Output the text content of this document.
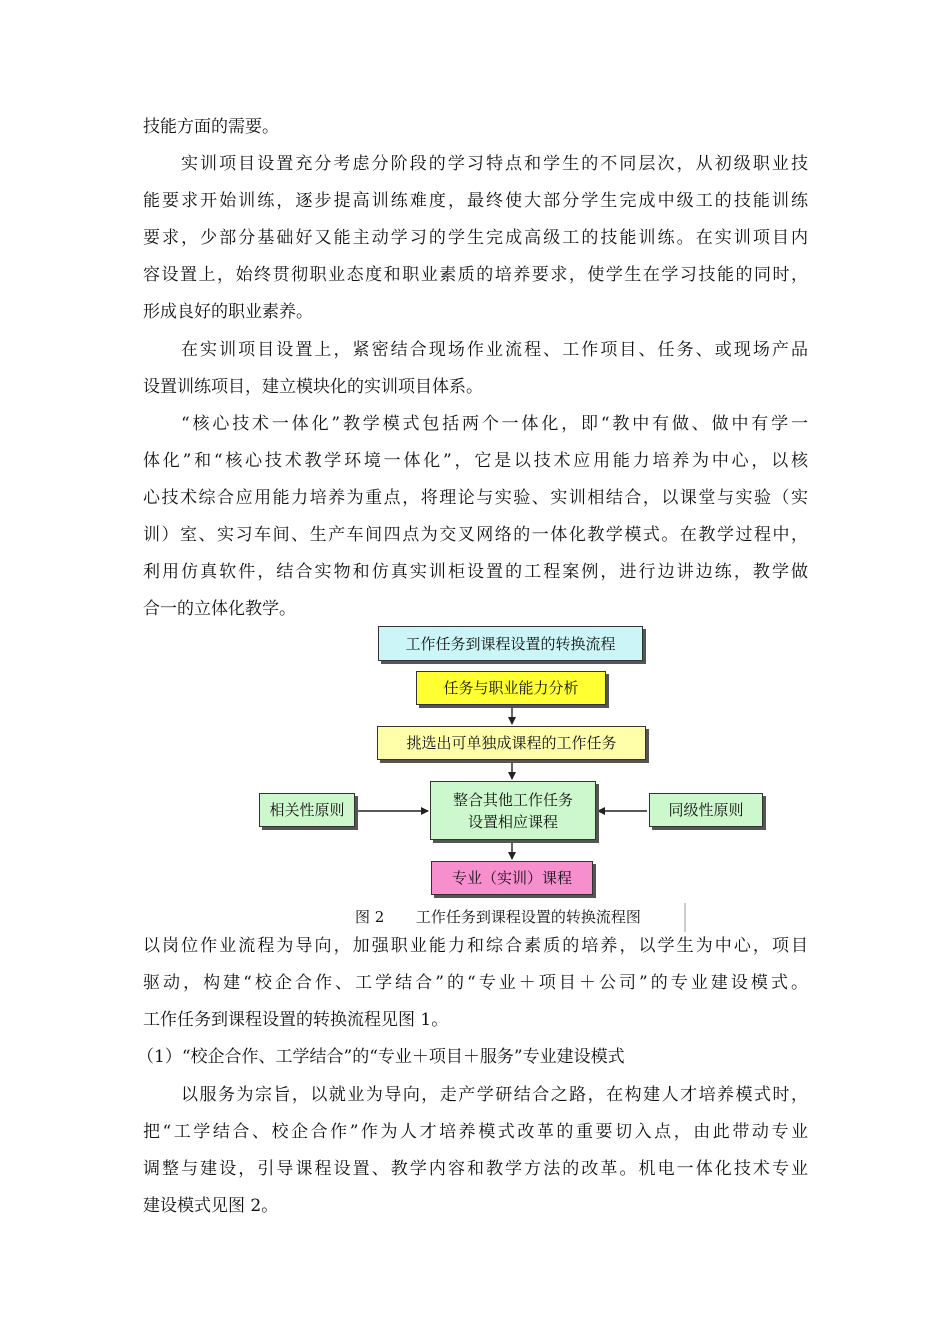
技能方面的需要。
实训项目设置充分考虑分阶段的学习特点和学生的不同层次，从初级职业技
能要求开始训练，逐步提高训练难度，最终使大部分学生完成中级工的技能训练
要求，少部分基础好又能主动学习的学生完成高级工的技能训练。在实训项目内
容设置上，始终贯彻职业态度和职业素质的培养要求，使学生在学习技能的同时，
形成良好的职业素养。
在实训项目设置上，紧密结合现场作业流程、工作项目、任务、或现场产品
设置训练项目，建立模块化的实训项目体系。
“核心技术一体化”教学模式包括两个一体化，即“教中有做、做中有学一
体化”和“核心技术教学环境一体化”，它是以技术应用能力培养为中心，以核
心技术综合应用能力培养为重点，将理论与实验、实训相结合，以课堂与实验（实
训）室、实习车间、生产车间四点为交叉网络的一体化教学模式。在教学过程中，
利用仿真软件，结合实物和仿真实训柜设置的工程案例，进行边讲边练，教学做
合一的立体化教学。
工作任务到课程设置的转换流程
任务与职业能力分析
挑选出可单独成课程的工作任务
整合其他工作任务
设置相应课程
相关性原则	同级性原则
专业（实训）课程
图 2 工作任务到课程设置的转换流程图
以岗位作业流程为导向，加强职业能力和综合素质的培养，以学生为中心，项目
驱动，构建“校企合作、工学结合”的“专业＋项目＋公司”的专业建设模式。
工作任务到课程设置的转换流程见图 1。
（1）“校企合作、工学结合”的“专业＋项目＋服务”专业建设模式
以服务为宗旨，以就业为导向，走产学研结合之路，在构建人才培养模式时，
把“工学结合、校企合作”作为人才培养模式改革的重要切入点，由此带动专业
调整与建设，引导课程设置、教学内容和教学方法的改革。机电一体化技术专业
建设模式见图 2。
